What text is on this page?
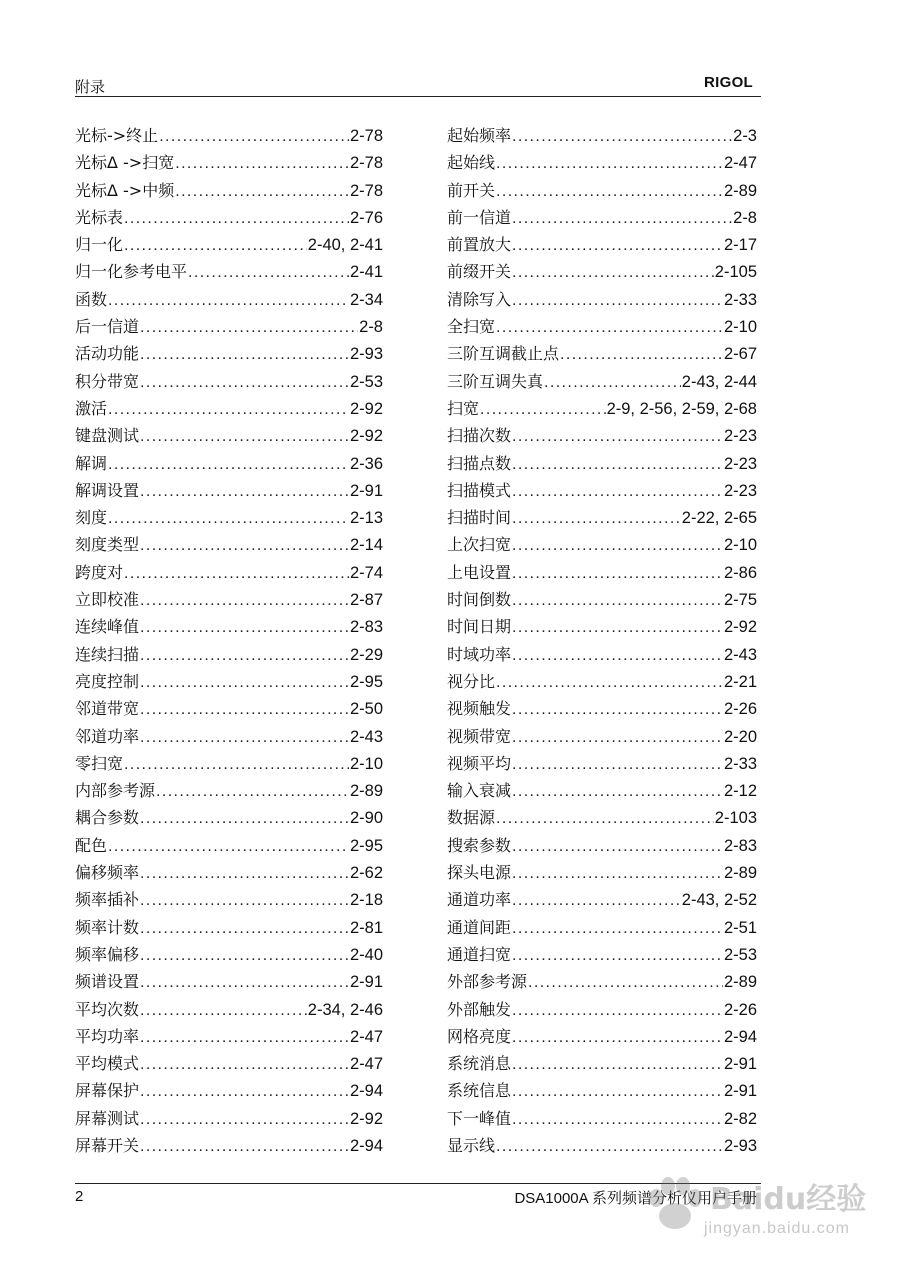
附录	RIGOL
光标->终止 .....	2-78
光标Δ ->扫宽 .....	2-78
光标Δ ->中频 .....	2-78
光标表 .....	2-76
归一化 .....	2-40, 2-41
归一化参考电平 .....	2-41
函数 .....	2-34
后一信道 .....	2-8
活动功能 .....	2-93
积分带宽 .....	2-53
激活 .....	2-92
键盘测试 .....	2-92
解调 .....	2-36
解调设置 .....	2-91
刻度 .....	2-13
刻度类型 .....	2-14
跨度对 .....	2-74
立即校准 .....	2-87
连续峰值 .....	2-83
连续扫描 .....	2-29
亮度控制 .....	2-95
邻道带宽 .....	2-50
邻道功率 .....	2-43
零扫宽 .....	2-10
内部参考源 .....	2-89
耦合参数 .....	2-90
配色 .....	2-95
偏移频率 .....	2-62
频率插补 .....	2-18
频率计数 .....	2-81
频率偏移 .....	2-40
频谱设置 .....	2-91
平均次数 .....	2-34, 2-46
平均功率 .....	2-47
平均模式 .....	2-47
屏幕保护 .....	2-94
屏幕测试 .....	2-92
屏幕开关 .....	2-94
起始频率 .....	2-3
起始线 .....	2-47
前开关 .....	2-89
前一信道 .....	2-8
前置放大 .....	2-17
前缀开关 .....	2-105
清除写入 .....	2-33
全扫宽 .....	2-10
三阶互调截止点 .....	2-67
三阶互调失真 .....	2-43, 2-44
扫宽 .....	2-9, 2-56, 2-59, 2-68
扫描次数 .....	2-23
扫描点数 .....	2-23
扫描模式 .....	2-23
扫描时间 .....	2-22, 2-65
上次扫宽 .....	2-10
上电设置 .....	2-86
时间倒数 .....	2-75
时间日期 .....	2-92
时域功率 .....	2-43
视分比 .....	2-21
视频触发 .....	2-26
视频带宽 .....	2-20
视频平均 .....	2-33
输入衰减 .....	2-12
数据源 .....	2-103
搜索参数 .....	2-83
探头电源 .....	2-89
通道功率 .....	2-43, 2-52
通道间距 .....	2-51
通道扫宽 .....	2-53
外部参考源 .....	2-89
外部触发 .....	2-26
网格亮度 .....	2-94
系统消息 .....	2-91
系统信息 .....	2-91
下一峰值 .....	2-82
显示线 .....	2-93
2	DSA1000A 系列频谱分析仪用户手册
Baidu经验
jingyan.baidu.com
